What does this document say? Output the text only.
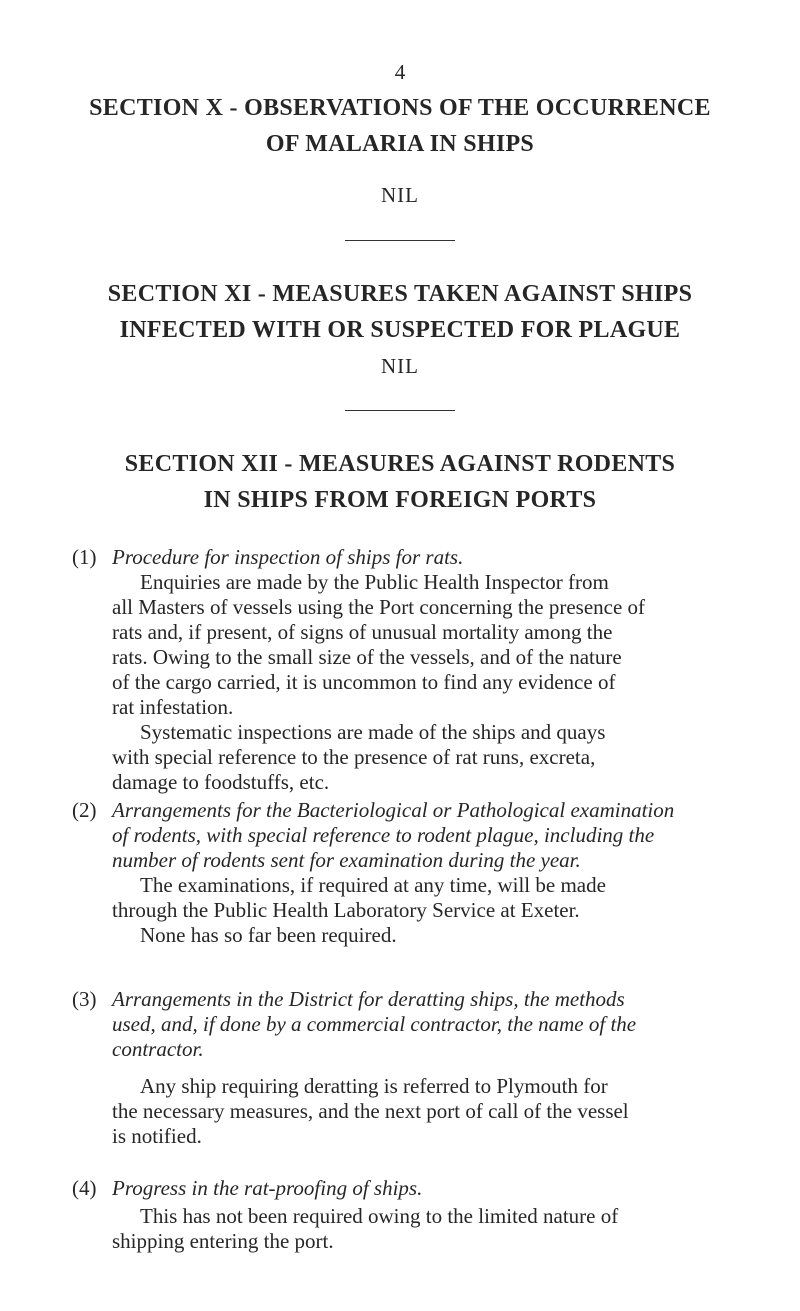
4
SECTION X - OBSERVATIONS OF THE OCCURRENCE
OF MALARIA IN SHIPS
NIL
SECTION XI - MEASURES TAKEN AGAINST SHIPS
INFECTED WITH OR SUSPECTED FOR PLAGUE
NIL
SECTION XII - MEASURES AGAINST RODENTS
IN SHIPS FROM FOREIGN PORTS
(1) Procedure for inspection of ships for rats.
Enquiries are made by the Public Health Inspector from
all Masters of vessels using the Port concerning the presence of
rats and, if present, of signs of unusual mortality among the
rats. Owing to the small size of the vessels, and of the nature
of the cargo carried, it is uncommon to find any evidence of
rat infestation.
Systematic inspections are made of the ships and quays
with special reference to the presence of rat runs, excreta,
damage to foodstuffs, etc.
(2) Arrangements for the Bacteriological or Pathological examination
of rodents, with special reference to rodent plague, including the
number of rodents sent for examination during the year.
The examinations, if required at any time, will be made
through the Public Health Laboratory Service at Exeter.
None has so far been required.
(3) Arrangements in the District for deratting ships, the methods
used, and, if done by a commercial contractor, the name of the
contractor.
Any ship requiring deratting is referred to Plymouth for
the necessary measures, and the next port of call of the vessel
is notified.
(4) Progress in the rat-proofing of ships.
This has not been required owing to the limited nature of
shipping entering the port.
